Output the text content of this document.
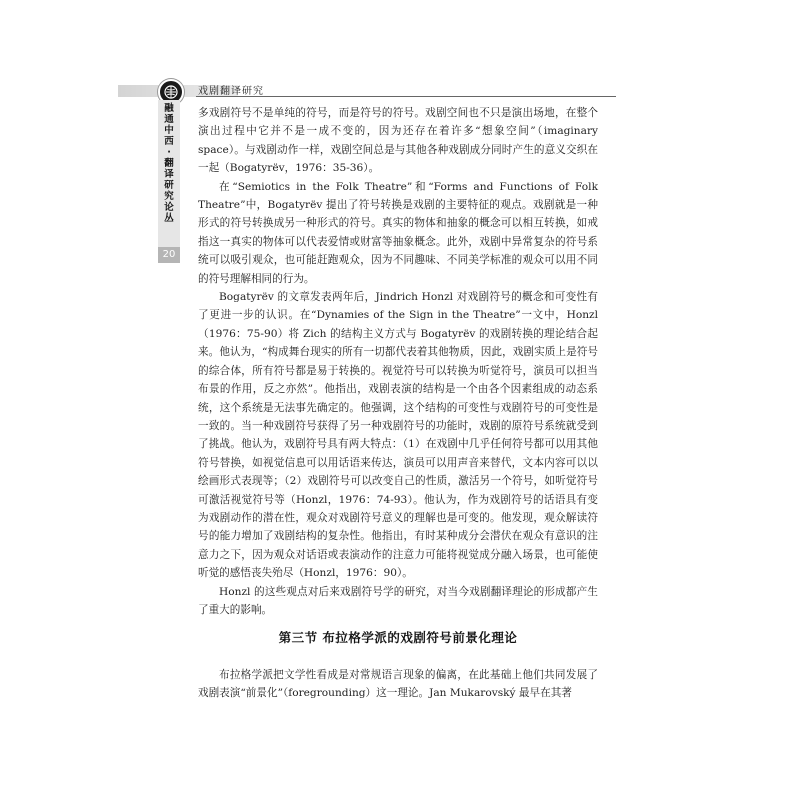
戏剧翻译研究
融通中西·翻译研究论丛
20

多戏剧符号不是单纯的符号，而是符号的符号。戏剧空间也不只是演出场地，在整个演出过程中它并不是一成不变的，因为还存在着许多“想象空间”（imaginary space）。与戏剧动作一样，戏剧空间总是与其他各种戏剧成分同时产生的意义交织在一起（Bogatyrëv，1976：35-36）。

在“Semiotics in the Folk Theatre”和“Forms and Functions of Folk Theatre”中，Bogatyrëv 提出了符号转换是戏剧的主要特征的观点。戏剧就是一种形式的符号转换成另一种形式的符号。真实的物体和抽象的概念可以相互转换，如戒指这一真实的物体可以代表爱情或财富等抽象概念。此外，戏剧中异常复杂的符号系统可以吸引观众，也可能赶跑观众，因为不同趣味、不同美学标准的观众可以用不同的符号理解相同的行为。

Bogatyrëv 的文章发表两年后，Jindrich Honzl 对戏剧符号的概念和可变性有了更进一步的认识。在“Dynamies of the Sign in the Theatre”一文中，Honzl（1976：75-90）将 Zich 的结构主义方式与 Bogatyrëv 的戏剧转换的理论结合起来。他认为，“构成舞台现实的所有一切都代表着其他物质，因此，戏剧实质上是符号的综合体，所有符号都是易于转换的。视觉符号可以转换为听觉符号，演员可以担当布景的作用，反之亦然”。他指出，戏剧表演的结构是一个由各个因素组成的动态系统，这个系统是无法事先确定的。他强调，这个结构的可变性与戏剧符号的可变性是一致的。当一种戏剧符号获得了另一种戏剧符号的功能时，戏剧的原符号系统就受到了挑战。他认为，戏剧符号具有两大特点：（1）在戏剧中几乎任何符号都可以用其他符号替换，如视觉信息可以用话语来传达，演员可以用声音来替代，文本内容可以以绘画形式表现等；（2）戏剧符号可以改变自己的性质，激活另一个符号，如听觉符号可激活视觉符号等（Honzl，1976：74-93）。他认为，作为戏剧符号的话语具有变为戏剧动作的潜在性，观众对戏剧符号意义的理解也是可变的。他发现，观众解读符号的能力增加了戏剧结构的复杂性。他指出，有时某种成分会潜伏在观众有意识的注意力之下，因为观众对话语或表演动作的注意力可能将视觉成分融入场景，也可能使听觉的感悟丧失殆尽（Honzl，1976：90）。

Honzl 的这些观点对后来戏剧符号学的研究，对当今戏剧翻译理论的形成都产生了重大的影响。

第三节 布拉格学派的戏剧符号前景化理论

布拉格学派把文学性看成是对常规语言现象的偏离，在此基础上他们共同发展了戏剧表演“前景化”（foregrounding）这一理论。Jan Mukarovský 最早在其著
